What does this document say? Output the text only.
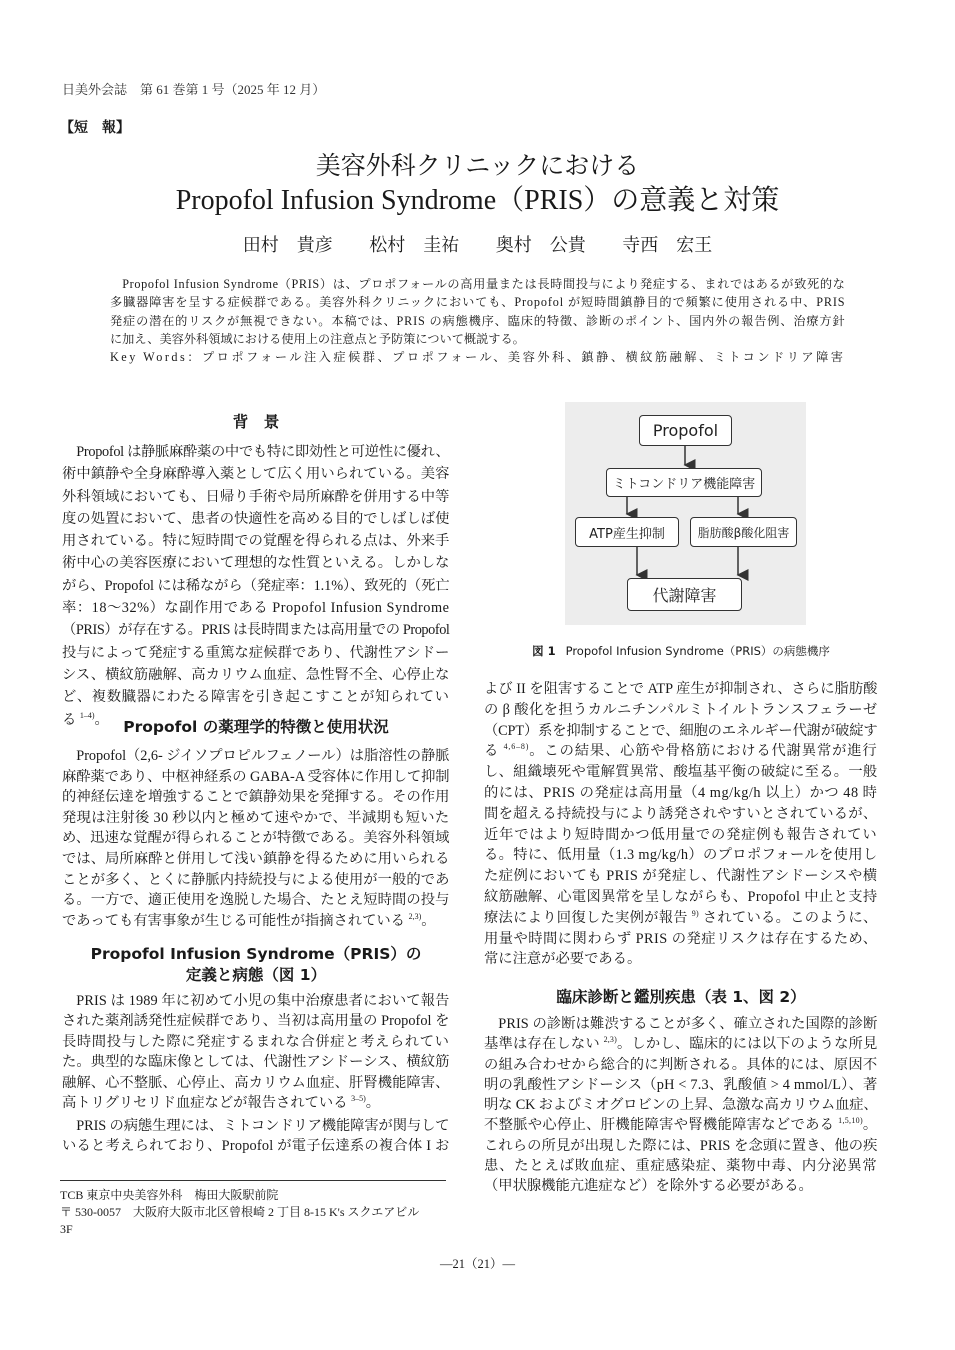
日美外会誌　第 61 巻第 1 号（2025 年 12 月）
【短　報】
美容外科クリニックにおける
Propofol Infusion Syndrome（PRIS）の意義と対策
田村　貴彦 松村　圭祐 奥村　公貴 寺西　宏王
Propofol Infusion Syndrome（PRIS）は、プロポフォールの高用量または長時間投与により発症する、まれではあるが致死的な
多臓器障害を呈する症候群である。美容外科クリニックにおいても、Propofol が短時間鎮静目的で頻繁に使用される中、PRIS
発症の潜在的リスクが無視できない。本稿では、PRIS の病態機序、臨床的特徴、診断のポイント、国内外の報告例、治療方針
に加え、美容外科領域における使用上の注意点と予防策について概説する。
Key Words：プロポフォール注入症候群、プロポフォール、美容外科、鎮静、横紋筋融解、ミトコンドリア障害
背　景
Propofol は静脈麻酔薬の中でも特に即効性と可逆性に優れ、
術中鎮静や全身麻酔導入薬として広く用いられている。美容
外科領域においても、日帰り手術や局所麻酔を併用する中等
度の処置において、患者の快適性を高める目的でしばしば使
用されている。特に短時間での覚醒を得られる点は、外来手
術中心の美容医療において理想的な性質といえる。しかしな
がら、Propofol には稀ながら（発症率：1.1%）、致死的（死亡
率：18～32%）な副作用である Propofol Infusion Syndrome
（PRIS）が存在する。PRIS は長時間または高用量での Propofol
投与によって発症する重篤な症候群であり、代謝性アシドー
シス、横紋筋融解、高カリウム血症、急性腎不全、心停止な
ど、複数臓器にわたる障害を引き起こすことが知られてい
る $^{1-4)}$。 Propofol の薬理学的特徴と使用状況
Propofol（2,6- ジイソプロピルフェノール）は脂溶性の静脈
麻酔薬であり、中枢神経系の GABA-A 受容体に作用して抑制
的神経伝達を増強することで鎮静効果を発揮する。その作用
発現は注射後 30 秒以内と極めて速やかで、半減期も短いた
め、迅速な覚醒が得られることが特徴である。美容外科領域
では、局所麻酔と併用して浅い鎮静を得るために用いられる
ことが多く、とくに静脈内持続投与による使用が一般的であ
る。一方で、適正使用を逸脱した場合、たとえ短時間の投与
であっても有害事象が生じる可能性が指摘されている $^{2,3)}$。
Propofol Infusion Syndrome（PRIS）の
定義と病態（図 1）
PRIS は 1989 年に初めて小児の集中治療患者において報告
された薬剤誘発性症候群であり、当初は高用量の Propofol を
長時間投与した際に発症するまれな合併症と考えられてい
た。典型的な臨床像としては、代謝性アシドーシス、横紋筋
融解、心不整脈、心停止、高カリウム血症、肝腎機能障害、
高トリグリセリド血症などが報告されている $^{3-5)}$。
PRIS の病態生理には、ミトコンドリア機能障害が関与して
いると考えられており、Propofol が電子伝達系の複合体 I お
TCB 東京中央美容外科　梅田大阪駅前院
〒 530-0057　大阪府大阪市北区曾根崎 2 丁目 8-15 K's スクエアビル
3F
Propofol
ミトコンドリア機能障害
ATP産生抑制	脂肪酸β酸化阻害
代謝障害
図 1 Propofol Infusion Syndrome（PRIS）の病態機序
よび II を阻害することで ATP 産生が抑制され、さらに脂肪酸
の β 酸化を担うカルニチンパルミトイルトランスフェラーゼ
（CPT）系を抑制することで、細胞のエネルギー代謝が破綻す
る $^{4,6-8)}$。この結果、心筋や骨格筋における代謝異常が進行
し、組織壊死や電解質異常、酸塩基平衡の破綻に至る。一般
的には、PRIS の発症は高用量（4 mg/kg/h 以上）かつ 48 時
間を超える持続投与により誘発されやすいとされているが、
近年ではより短時間かつ低用量での発症例も報告されてい
る。特に、低用量（1.3 mg/kg/h）のプロポフォールを使用し
た症例においても PRIS が発症し、代謝性アシドーシスや横
紋筋融解、心電図異常を呈しながらも、Propofol 中止と支持
療法により回復した実例が報告 $^{9)}$ されている。このように、
用量や時間に関わらず PRIS の発症リスクは存在するため、
常に注意が必要である。
臨床診断と鑑別疾患（表 1、図 2）
PRIS の診断は難渋することが多く、確立された国際的診断
基準は存在しない $^{2,3)}$。しかし、臨床的には以下のような所見
の組み合わせから総合的に判断される。具体的には、原因不
明の乳酸性アシドーシス（pH < 7.3、乳酸値 > 4 mmol/L）、著
明な CK およびミオグロビンの上昇、急激な高カリウム血症、
不整脈や心停止、肝機能障害や腎機能障害などである $^{1,5,10)}$。
これらの所見が出現した際には、PRIS を念頭に置き、他の疾
患、たとえば敗血症、重症感染症、薬物中毒、内分泌異常
（甲状腺機能亢進症など）を除外する必要がある。
—21（21）—
